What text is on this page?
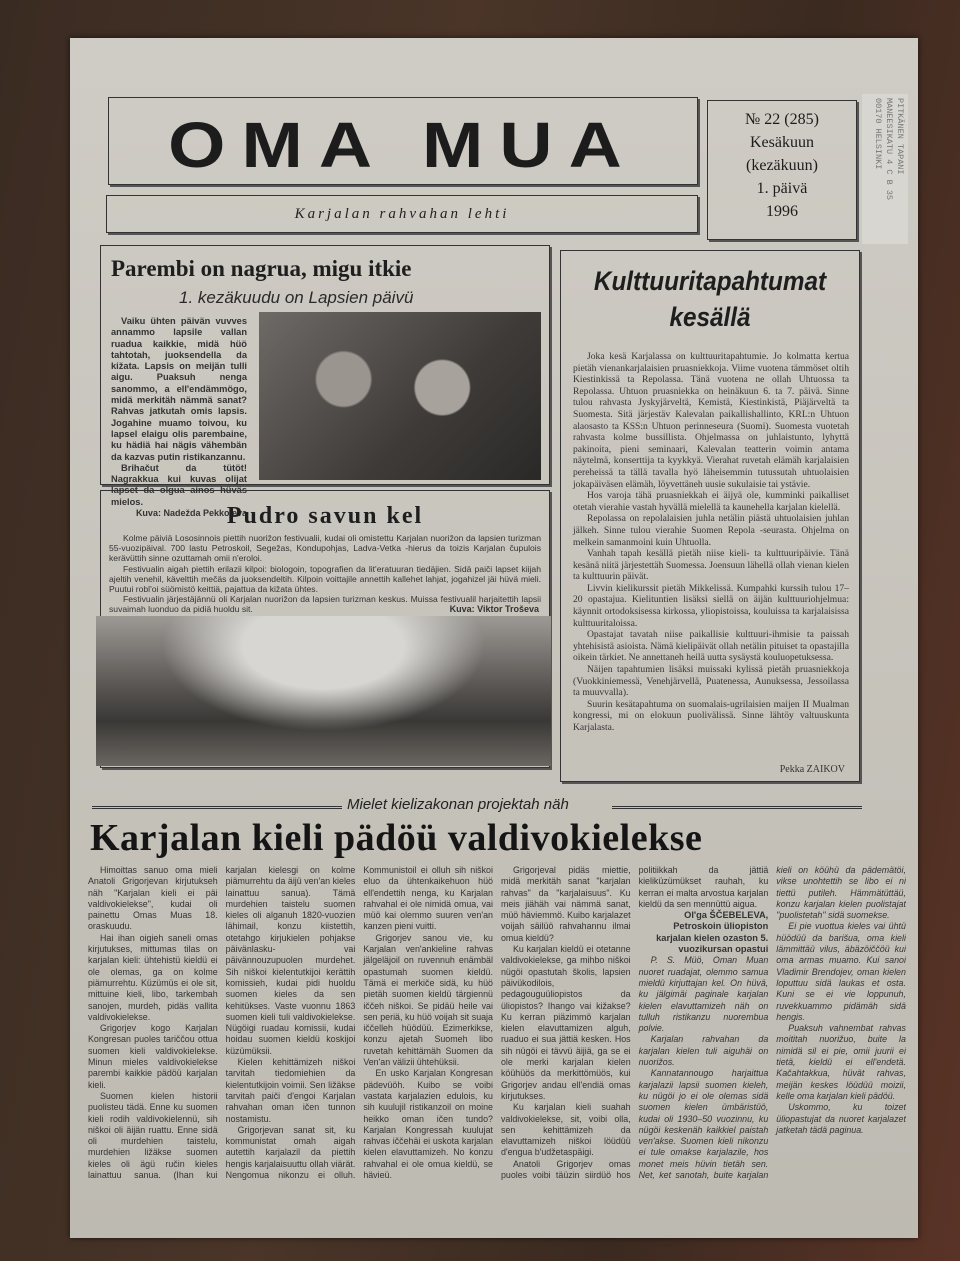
OMA MUA
Karjalan rahvahan lehti
№ 22 (285)
Kesäkuun
(kezäkuun)
1. päivä
1996
PITKÄNEN TAPANI
MANEESIKATU 4 C B 35
00170 HELSINKI
Parembi on nagrua, migu itkie
1. kezäkuudu on Lapsien päivü

Vaiku ühten päivän vuvves annammo lapsile vallan ruadua kaikkie, midä hüö tahtotah, juoksendella da kižata. Lapsis on meijän tulli aigu. Puaksuh nenga sanommo, a ell'endämmögo, midä merkitäh nämmä sanat? Rahvas jatkutah omis lapsis. Jogahine muamo toivou, ku lapsel elaigu olis parembaine, ku hädiä hai nägis vähembän da kazvas putin ristikanzannu.

Brihačut da tütöt! Nagrakkua kui kuvas olijat lapset da olgua ainos hüväs mielos.

Kuva: Nadežda Pekkojeva
Pudro savun kel

Kolme päiviä Lososinnois piettih nuorižon festivualii, kudai oli omistettu Karjalan nuorižon da lapsien turizman 55-vuozipäival. 700 lastu Petroskoil, Segežas, Kondupohjas, Ladva-Vetka -hierus da toizis Karjalan čupulois kerävüttih sinne ozuttamah omii n'eroloi.

Festivualin aigah piettih erilazii kilpoi: biologoin, topografien da lit'eratuuran tiedäjien. Sidä paiči lapset kiijah ajeltih venehil, kävelttih mečäs da juoksendeltih. Kilpoin voittajile annettih kallehet lahjat, jogahizel jäi hüvä mieli. Puutui robl'oi süömistö keittiä, pajattua da kižata ühtes.

Festivualin järjestäjännü oli Karjalan nuorižon da lapsien turizman keskus. Muissa festivualil harjaitettih lapsii suvaimah luonduo da pidiä huoldu sit.	Kuva: Viktor Troševa
Kulttuuritapahtumat kesällä

Joka kesä Karjalassa on kulttuuritapahtumie. Jo kolmatta kertua pietäh vienankarjalaisien pruasniekkoja. Viime vuotena tämmöset oltih Kiestinkissä ta Repolassa. Tänä vuotena ne ollah Uhtuossa ta Repolassa. Uhtuon pruasniekka on heinäkuun 6. ta 7. päivä. Sinne tulou rahvasta Jyskyjärveltä, Kemistä, Kiestinkistä, Piäjärveltä ta Suomesta. Sitä järjestäv Kalevalan paikallishallinto, KRL:n Uhtuon alaosasto ta KSS:n Uhtuon perinneseura (Suomi). Suomesta vuotetah rahvasta kolme bussillista. Ohjelmassa on juhlaistunto, lyhyttä pakinoita, pieni seminaari, Kalevalan teatterin voimin antama näytelmä, konserttija ta kyykkyä. Vierahat ruvetah elämäh karjalaisien pereheissä ta tällä tavalla hyö läheisemmin tutussutah uhtuolaisien jokapäiväsen elämäh, löyvettäneh uusie sukulaisie tai ystävie.

Hos varoja tähä pruasniekkah ei äijyä ole, kumminki paikalliset otetah vierahie vastah hyvällä mielellä ta kaunehella karjalan kielellä.

Repolassa on repolalaisien juhla netälin piästä uhtuolaisien juhlan jälkeh. Sinne tulou vierahie Suomen Repola -seurasta. Ohjelma on melkein samanmoini kuin Uhtuolla.

Vanhah tapah kesällä pietäh niise kieli- ta kulttuuripäivie. Tänä kesänä niitä järjestettäh Suomessa. Joensuun lähellä ollah vienan kielen ta kulttuurin päivät.

Livvin kielikurssit pietäh Mikkelissä. Kumpahki kurssih tulou 17–20 opastajua. Kielituntien lisäksi siellä on äijän kulttuuriohjelmua: käynnit ortodoksisessa kirkossa, yliopistoissa, kouluissa ta karjalaisissa kulttuuritaloissa.

Opastajat tavatah niise paikallisie kulttuuri-ihmisie ta paissah yhtehisistä asioista. Nämä kielipäivät ollah netälin pituiset ta opastajilla oikein tärkiet. Ne annettaneh heilä uutta sysäystä kouluopetuksessa.

Näijen tapahtumien lisäksi muissaki kylissä pietäh pruasniekkoja (Vuokkiniemessä, Venehjärvellä, Puatenessa, Aunuksessa, Jessoilassa ta muuvvalla).

Suurin kesätapahtuma on suomalais-ugrilaisien maijen II Mualman kongressi, mi on elokuun puolivälissä. Sinne lähtöy valtuuskunta Karjalasta.

Pekka ZAIKOV
Mielet kielizakonan projektah näh
Karjalan kieli pädöü valdivokielekse

Himoittas sanuo oma mieli Anatoli Grigorjevan kirjutukseh näh "Karjalan kieli ei päi valdivokielekse", kudai oli painettu Omas Muas 18. oraskuudu.

Hai ihan oigieh saneli omas kirjutukses, mittumas tilas on karjalan kieli: ühtehistü kieldü ei ole olemas, ga on kolme piämurrehtu. Küzümüs ei ole sit, mittuine kieli, libo, tarkembah sanojen, murdeh, pidäs vallita valdivokielekse.

Grigorjev kogo Karjalan Kongresan puoles tariččou ottua suomen kieli valdivokielekse. Minun mieles valdivokielekse parembi kaikkie pädöü karjalan kieli.

Suomen kielen historii puolisteu tädä. Enne ku suomen kieli rodih valdivokielennü, sih niškoi oli äijän ruattu. Enne sidä oli murdehien taistelu, murdehien ližäkse suomen kieles oli ägü ručin kieles lainattuu sanua. (Ihan kui karjalan kielesgi on kolme piämurrehtu da äijü ven'an kieles lainattuu sanua). Tämä murdehien taistelu suomen kieles oli alganuh 1820-vuozien lähimail, konzu kiistettih, otetahgo kirjukielen pohjakse päivänlasku- vai päivännouzupuolen murdehet. Sih niškoi kielentutkijoi kerättih komissieh, kudai pidi huoldu suomen kieles da sen kehitükses. Vaste vuonnu 1863 suomen kieli tuli valdivokielekse. Nügöigi ruadau komissii, kudai hoidau suomen kieldü koskijoi küzümüksii.

Kielen kehittämizeh niškoi tarvitah tiedomiehien da kielentutkijoin voimii. Sen ližäkse tarvitah paiči d'engoi Karjalan rahvahan oman ičen tunnon nostamistu.

Grigorjevan sanat sit, ku kommunistat omah aigah autettih karjalazil da piettih hengis karjalaisuuttu ollah viärät. Nengomua nikonzu ei olluh. Kommunistoil ei olluh sih niškoi eluo da ühtenkaikehuon hüö ell'endettih nenga, ku Karjalan rahvahal ei ole nimidä omua, vai müö kai olemmo suuren ven'an kanzen pieni vuitti.

Grigorjev sanou vie, ku Karjalan ven'ankieline rahvas jälgeläjoil on ruvennuh enämbäl opastumah suomen kieldü. Tämä ei merkiče sidä, ku hüö pietäh suomen kieldü tärgiennü iččeh niškoi. Se pidäü heile vai sen periä, ku hüö voijah sit suaja iččelleh hüödüü. Ezimerkikse, konzu ajetah Suomeh libo ruvetah kehittämäh Suomen da Ven'an välizii ühtehüksii.

En usko Karjalan Kongresan pädevüöh. Kuibo se voibi vastata karjalazien edulois, ku sih kuulujil ristikanzoil on moine heikko oman ičen tundo? Karjalan Kongressah kuulujat rahvas iččehäi ei uskota karjalan kielen elavuttamizeh. No konzu rahvahal ei ole omua kieldü, se häviеü.

Grigorjeval pidäs miettie, midä merkitäh sanat "karjalan rahvas" da "karjalaisuus". Ku meis jiähäh vai nämmä sanat, müö häviemmö. Kuibo karjalazet voijah säilüö rahvahannu ilmai omua kieldü?

Ku karjalan kieldü ei otetanne valdivokielekse, ga mihbo niškoi nügöi opastutah školis, lapsien päivükodilois, pedagouguüliopistos da üliopistos? Ihango vai kižakse? Ku kerran piäzimmö karjalan kielen elavuttamizen alguh, ruaduo ei sua jättiä kesken. Hos sih nügöi ei tävvü äijiä, ga se ei ole merki karjalan kielen köühüös da merkittömüös, kui Grigorjev andau ell'endiä omas kirjutukses.

Ku karjalan kieli suahah valdivokielekse, sit, voibi olla, sen kehittämizeh da elavuttamizeh niškoi löüdüü d'engua b'udžetaspäigi.

Anatoli Grigorjev omas puoles voibi täüzin siirdüö hos politiikkah da jättiä kieliküzümükset rauhah, ku kerran ei malta arvostua karjalan kieldü da sen mennüttü aigua.

Ol'ga ŠČEBELEVA,
Petroskoin üliopiston karjalan kielen ozaston 5. vuozikursan opastui

P. S. Müö, Oman Muan nuoret ruadajat, olemmo samua mieldü kirjuttajan kel. On hüvä, ku jälgimäi paginale karjalan kielen elavuttamizeh näh on tulluh ristikanzu nuorembua polvie.

Karjalan rahvahan da karjalan kielen tuli aiguhäi on nuorižos.

Kannatannougo harjaittua karjalazii lapsii suomen kieleh, ku nügöi jo ei ole olemas sidä suomen kielen ümbäristüö, kudai oli 1930–50 vuozinnu, ku nügöi keskenäh kaikkiel paistah ven'akse. Suomen kieli nikonzu ei tule omakse karjalazile, hos monet meis hüvin tietäh sen. Net, ket sanotah, buite karjalan kieli on köühü da pädemätöi, vikse unohtettih se libo ei ni tiettü putileh. Hämmätüttäü, konzu karjalan kielen puolistajat "puolistetah" sidä suomekse.

Ei pie vuottua kieles vai ühtü hüödüü da barišua, oma kieli lämmittäü vilus, äbäzöiččöü kui oma armas muamo. Kui sanoi Vladimir Brendojev, oman kielen loputtuu sidä laukas et osta. Kuni se ei vie loppunuh, ruvekkuammo pidämäh sidä hengis.

Puaksuh vahnembat rahvas moititah nuorižuo, buite la nimidä sil ei pie, omii juurii ei tietä, kieldü ei ell'endetä. Kačahtakkua, hüvät rahvas, meijän keskes löüdüü moizii, kelle oma karjalan kieli pädöü.

Uskommo, ku toizet üliopastujat da nuoret karjalazet jatketah tädä paginua.
